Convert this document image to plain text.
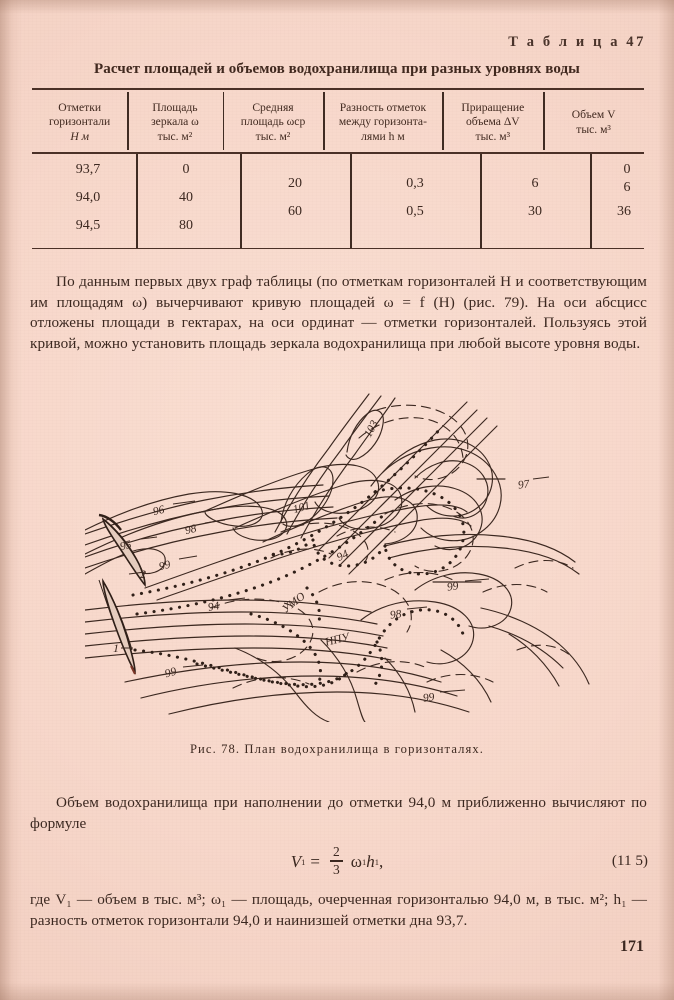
Т а б л и ц а 47
Расчет площадей и объемов водохранилища при разных уровнях воды
Отметки
горизонтали
H м
Площадь
зеркала ω
тыс. м²
Средняя
площадь ωср
тыс. м²
Разность отметок
между горизонта-
лями h м
Приращение
объема ΔV
тыс. м³
Объем V
тыс. м³
93,7
94,0
94,5
0
40
80
20
60
0,3
0,5
6
30
0
6
36
По данным первых двух граф таблицы (по отметкам горизонталей H и соответствующим им площадям ω) вычерчивают кривую площадей ω = f (H) (рис. 79). На оси абсцисс отложены площади в гектарах, на оси ординат — отметки горизонталей. Пользуясь этой кривой, можно установить площадь зеркала водохранилища при любой высоте уровня воды.
103
101
97
96
98
95
99
94
99
98
94	УМО
НПУ
99
99
2
1
Рис. 78. План водохранилища в горизонталях.
Объем водохранилища при наполнении до отметки 94,0 м приближенно вычисляют по формуле
V $1 = \frac{2}{3}$ ω 1 h 1 ,	(11 5)
где V₁ — объем в тыс. м³; ω₁ — площадь, очерченная горизонталью 94,0 м, в тыс. м²; h₁ — разность отметок горизонтали 94,0 и наинизшей отметки дна 93,7.
171
